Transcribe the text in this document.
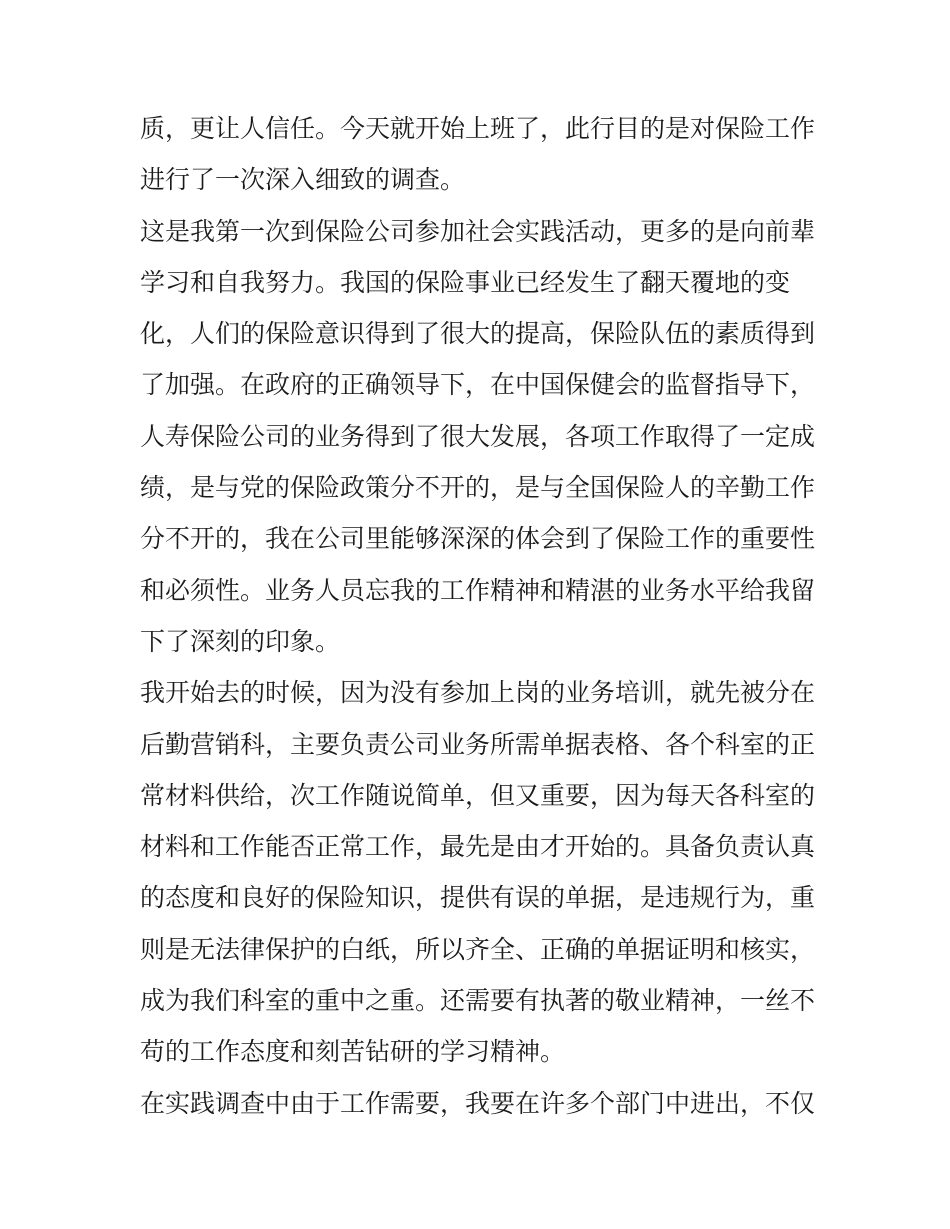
质，更让人信任。今天就开始上班了，此行目的是对保险工作
进行了一次深入细致的调查。
这是我第一次到保险公司参加社会实践活动，更多的是向前辈
学习和自我努力。我国的保险事业已经发生了翻天覆地的变
化，人们的保险意识得到了很大的提高，保险队伍的素质得到
了加强。在政府的正确领导下，在中国保健会的监督指导下，
人寿保险公司的业务得到了很大发展，各项工作取得了一定成
绩，是与党的保险政策分不开的，是与全国保险人的辛勤工作
分不开的，我在公司里能够深深的体会到了保险工作的重要性
和必须性。业务人员忘我的工作精神和精湛的业务水平给我留
下了深刻的印象。
我开始去的时候，因为没有参加上岗的业务培训，就先被分在
后勤营销科，主要负责公司业务所需单据表格、各个科室的正
常材料供给，次工作随说简单，但又重要，因为每天各科室的
材料和工作能否正常工作，最先是由才开始的。具备负责认真
的态度和良好的保险知识，提供有误的单据，是违规行为，重
则是无法律保护的白纸，所以齐全、正确的单据证明和核实，
成为我们科室的重中之重。还需要有执著的敬业精神，一丝不
苟的工作态度和刻苦钻研的学习精神。
在实践调查中由于工作需要，我要在许多个部门中进出，不仅
